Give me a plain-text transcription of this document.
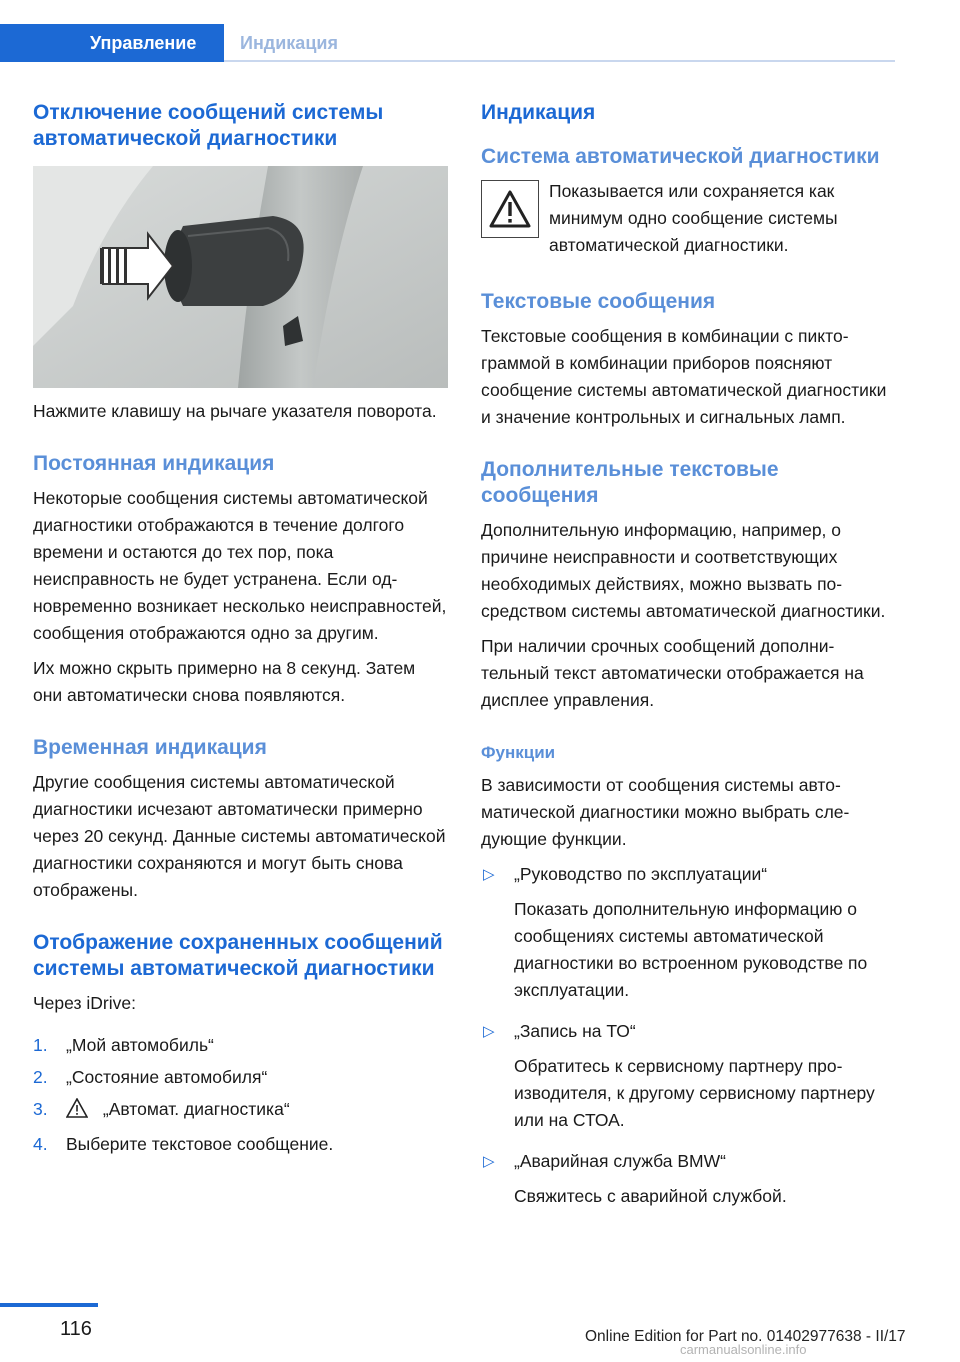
Управление	Индикация
Отключение сообщений системы автоматической диагностики

Нажмите клавишу на рычаге указателя поворота.

Постоянная индикация

Некоторые сообщения системы автоматической диагностики отображаются в течение долгого времени и остаются до тех пор, пока неисправность не будет устранена. Если одновременно возникает несколько неисправностей, сообщения отображаются одно за другим.

Их можно скрыть примерно на 8 секунд. Затем они автоматически снова появляются.

Временная индикация

Другие сообщения системы автоматической диагностики исчезают автоматически примерно через 20 секунд. Данные системы автоматической диагностики сохраняются и могут быть снова отображены.

Отображение сохраненных сообщений системы автоматической диагностики

Через iDrive:

1. „Мой автомобиль“
2. „Состояние автомобиля“
3.	„Автомат. диагностика“
4. Выберите текстовое сообщение.
Индикация
Система автоматической диагностики
Показывается или сохраняется как минимум одно сообщение системы автоматической диагностики.
Текстовые сообщения

Текстовые сообщения в комбинации с пиктограммой в комбинации приборов поясняют сообщение системы автоматической диагностики и значение контрольных и сигнальных ламп.

Дополнительные текстовые сообщения

Дополнительную информацию, например, о причине неисправности и соответствующих необходимых действиях, можно вызвать посредством системы автоматической диагностики.

При наличии срочных сообщений дополнительный текст автоматически отображается на дисплее управления.

Функции

В зависимости от сообщения системы автоматической диагностики можно выбрать следующие функции.

▷ „Руководство по эксплуатации“
Показать дополнительную информацию о сообщениях системы автоматической диагностики во встроенном руководстве по эксплуатации.
▷ „Запись на ТО“
Обратитесь к сервисному партнеру производителя, к другому сервисному партнеру или на СТОА.
▷ „Аварийная служба BMW“
Свяжитесь с аварийной службой.
116	Online Edition for Part no. 01402977638 - II/17
carmanualsonline.info
